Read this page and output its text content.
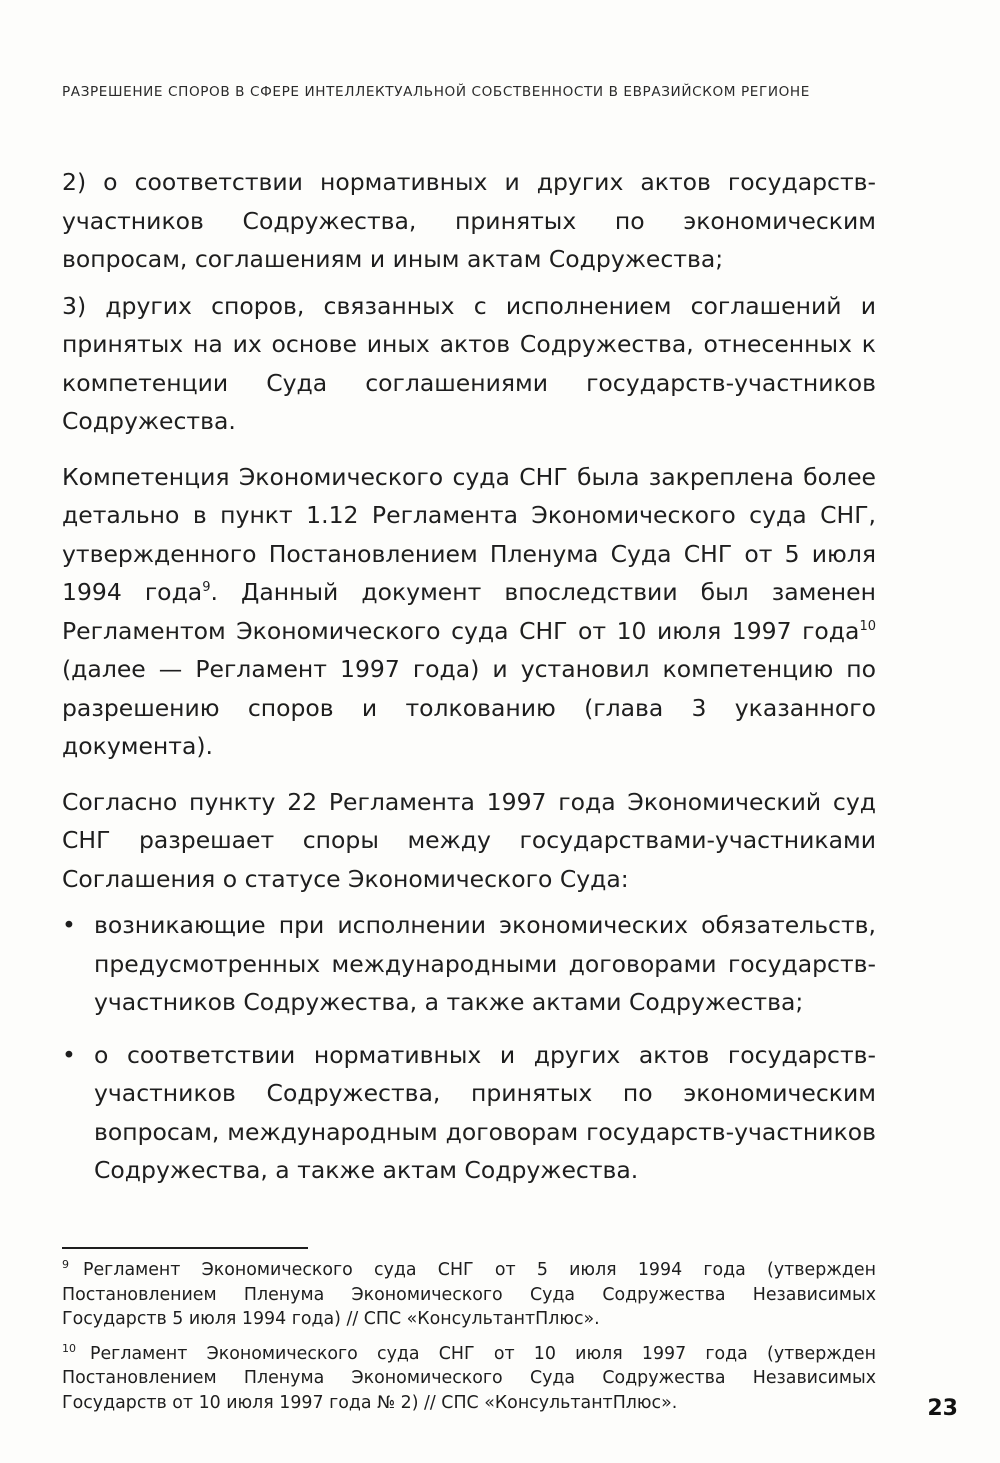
РАЗРЕШЕНИЕ СПОРОВ В СФЕРЕ ИНТЕЛЛЕКТУАЛЬНОЙ СОБСТВЕННОСТИ В ЕВРАЗИЙСКОМ РЕГИОНЕ

2) о соответствии нормативных и других актов государств-участников Содружества, принятых по экономическим вопросам, соглашениям и иным актам Содружества;

3) других споров, связанных с исполнением соглашений и принятых на их основе иных актов Содружества, отнесенных к компетенции Суда соглашениями государств-участников Содружества.

Компетенция Экономического суда СНГ была закреплена более детально в пункт 1.12 Регламента Экономического суда СНГ, утвержденного Постановлением Пленума Суда СНГ от 5 июля 1994 года$^9$. Данный документ впоследствии был заменен Регламентом Экономического суда СНГ от 10 июля 1997 года$^{10}$ (далее — Регламент 1997 года) и установил компетенцию по разрешению споров и толкованию (глава 3 указанного документа).

Согласно пункту 22 Регламента 1997 года Экономический суд СНГ разрешает споры между государствами-участниками Соглашения о статусе Экономического Суда:

• возникающие при исполнении экономических обязательств, предусмотренных международными договорами государств-участников Содружества, а также актами Содружества;
• о соответствии нормативных и других актов государств-участников Содружества, принятых по экономическим вопросам, международным договорам государств-участников Содружества, а также актам Содружества.

$^9$ Регламент Экономического суда СНГ от 5 июля 1994 года (утвержден Постановлением Пленума Экономического Суда Содружества Независимых Государств 5 июля 1994 года) // СПС «КонсультантПлюс».

$^{10}$ Регламент Экономического суда СНГ от 10 июля 1997 года (утвержден Постановлением Пленума Экономического Суда Содружества Независимых Государств от 10 июля 1997 года № 2) // СПС «КонсультантПлюс».	23
